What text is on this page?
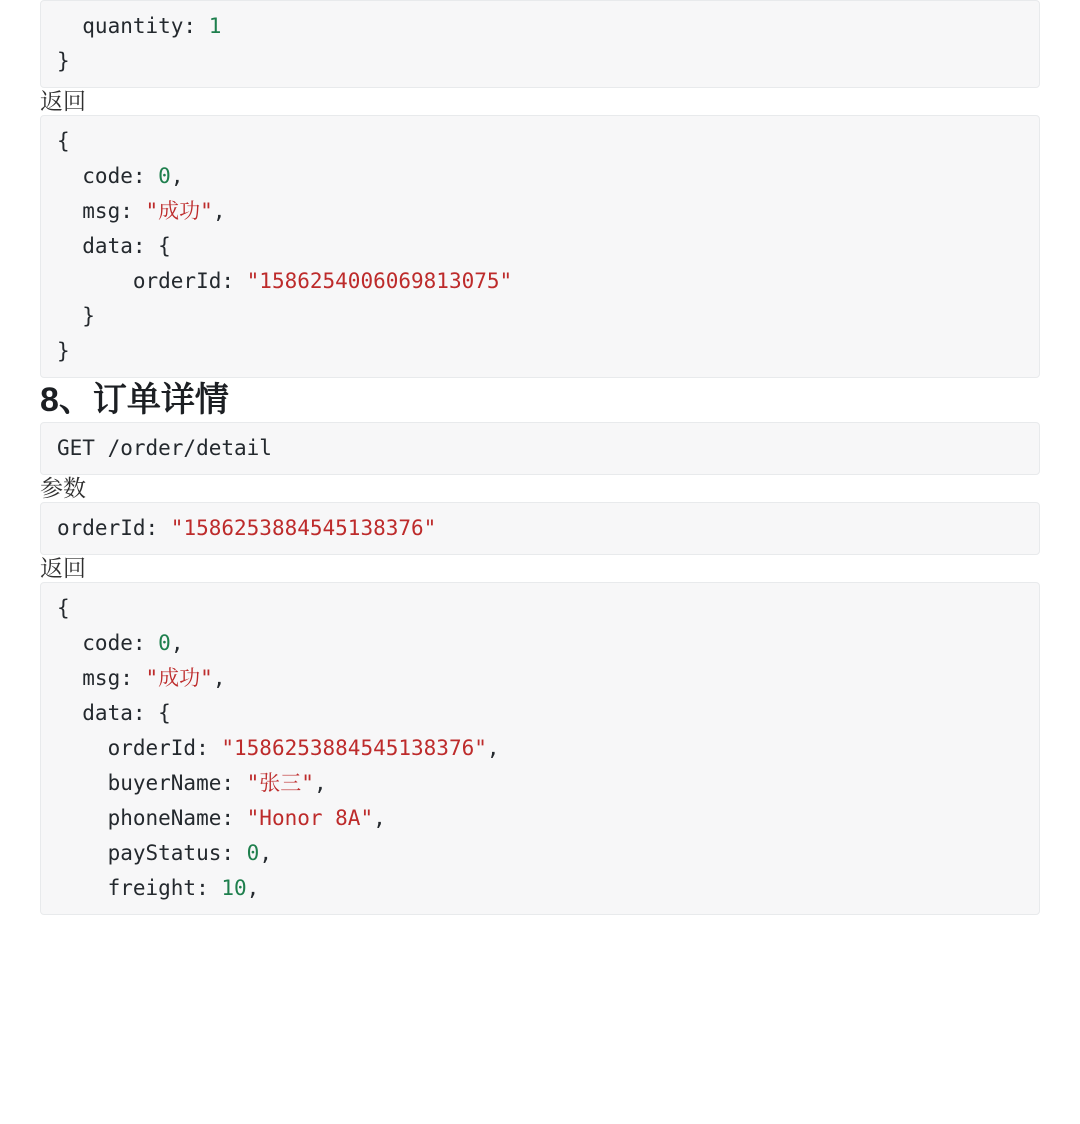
quantity: 1
}

返回

{
code: 0,
msg: "成功",
data: {
orderId: "1586254006069813075"
}
}
8、订单详情
GET /order/detail

参数

orderId: "1586253884545138376"

返回

{
code: 0,
msg: "成功",
data: {
orderId: "1586253884545138376",
buyerName: "张三",
phoneName: "Honor 8A",
payStatus: 0,
freight: 10,
